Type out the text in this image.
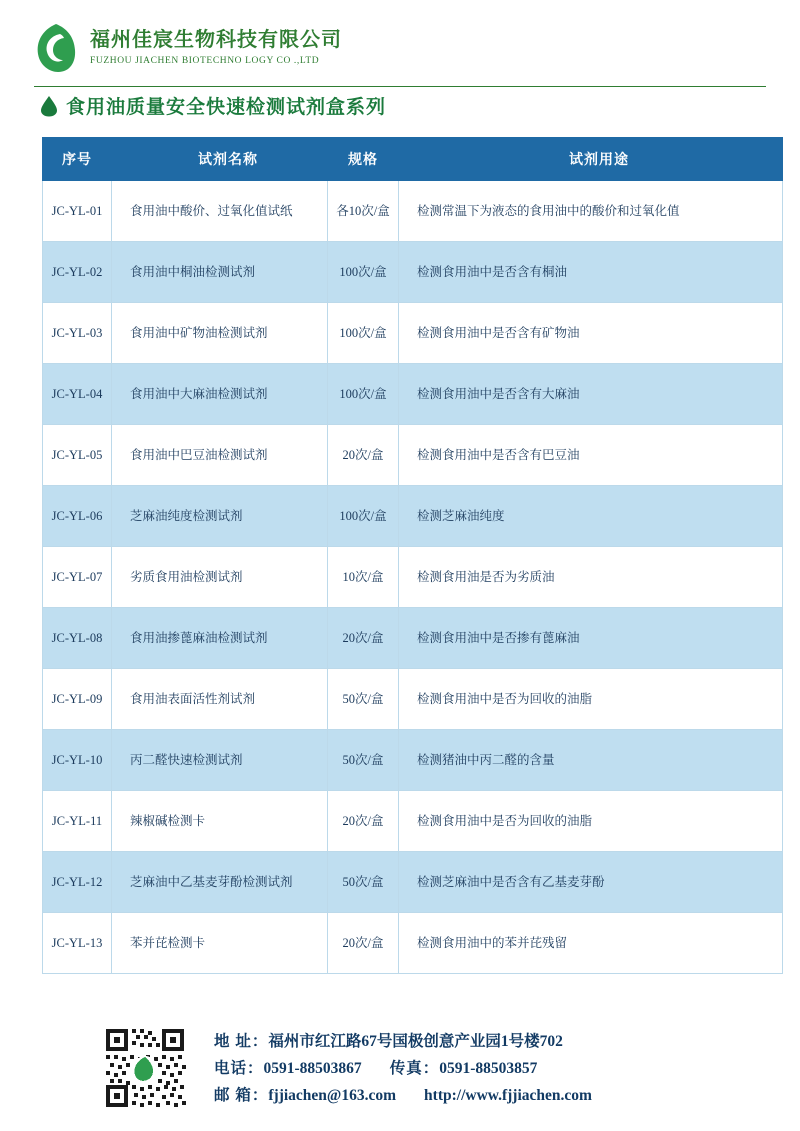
福州佳宸生物科技有限公司
FUZHOU JIACHEN BIOTECHNO LOGY CO .,LTD
食用油质量安全快速检测试剂盒系列
序号	试剂名称	规格	试剂用途
JC-YL-01	食用油中酸价、过氧化值试纸	各10次/盒	检测常温下为液态的食用油中的酸价和过氧化值
JC-YL-02	食用油中桐油检测试剂	100次/盒	检测食用油中是否含有桐油
JC-YL-03	食用油中矿物油检测试剂	100次/盒	检测食用油中是否含有矿物油
JC-YL-04	食用油中大麻油检测试剂	100次/盒	检测食用油中是否含有大麻油
JC-YL-05	食用油中巴豆油检测试剂	20次/盒	检测食用油中是否含有巴豆油
JC-YL-06	芝麻油纯度检测试剂	100次/盒	检测芝麻油纯度
JC-YL-07	劣质食用油检测试剂	10次/盒	检测食用油是否为劣质油
JC-YL-08	食用油掺蓖麻油检测试剂	20次/盒	检测食用油中是否掺有蓖麻油
JC-YL-09	食用油表面活性剂试剂	50次/盒	检测食用油中是否为回收的油脂
JC-YL-10	丙二醛快速检测试剂	50次/盒	检测猪油中丙二醛的含量
JC-YL-11	辣椒碱检测卡	20次/盒	检测食用油中是否为回收的油脂
JC-YL-12	芝麻油中乙基麦芽酚检测试剂	50次/盒	检测芝麻油中是否含有乙基麦芽酚
JC-YL-13	苯并芘检测卡	20次/盒	检测食用油中的苯并芘残留
地 址：福州市红江路67号国极创意产业园1号楼702
电话：0591-88503867 传真：0591-88503857
邮 箱：fjjiachen@163.com http://www.fjjiachen.com
